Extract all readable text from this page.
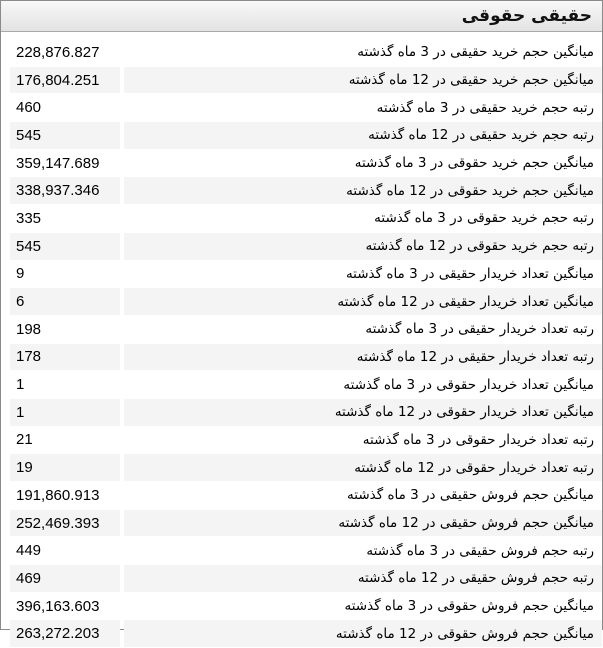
حقیقی حقوقی
میانگین حجم خرید حقیقی در 3 ماه گذشته
228,876.827
میانگین حجم خرید حقیقی در 12 ماه گذشته
176,804.251
رتبه حجم خرید حقیقی در 3 ماه گذشته
460
رتبه حجم خرید حقیقی در 12 ماه گذشته
545
میانگین حجم خرید حقوقی در 3 ماه گذشته
359,147.689
میانگین حجم خرید حقوقی در 12 ماه گذشته
338,937.346
رتبه حجم خرید حقوقی در 3 ماه گذشته
335
رتبه حجم خرید حقوقی در 12 ماه گذشته
545
میانگین تعداد خریدار حقیقی در 3 ماه گذشته
9
میانگین تعداد خریدار حقیقی در 12 ماه گذشته
6
رتبه تعداد خریدار حقیقی در 3 ماه گذشته
198
رتبه تعداد خریدار حقیقی در 12 ماه گذشته
178
میانگین تعداد خریدار حقوقی در 3 ماه گذشته
1
میانگین تعداد خریدار حقوقی در 12 ماه گذشته
1
رتبه تعداد خریدار حقوقی در 3 ماه گذشته
21
رتبه تعداد خریدار حقوقی در 12 ماه گذشته
19
میانگین حجم فروش حقیقی در 3 ماه گذشته
191,860.913
میانگین حجم فروش حقیقی در 12 ماه گذشته
252,469.393
رتبه حجم فروش حقیقی در 3 ماه گذشته
449
رتبه حجم فروش حقیقی در 12 ماه گذشته
469
میانگین حجم فروش حقوقی در 3 ماه گذشته
396,163.603
میانگین حجم فروش حقوقی در 12 ماه گذشته
263,272.203
